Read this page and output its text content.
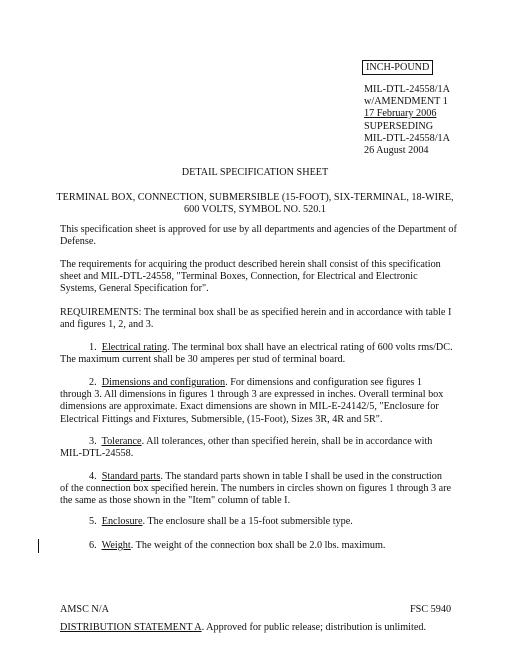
INCH-POUND
MIL-DTL-24558/1A
w/AMENDMENT 1
17 February 2006
SUPERSEDING
MIL-DTL-24558/1A
26 August 2004
DETAIL SPECIFICATION SHEET
TERMINAL BOX, CONNECTION, SUBMERSIBLE (15-FOOT), SIX-TERMINAL, 18-WIRE,
600 VOLTS, SYMBOL NO. 520.1
This specification sheet is approved for use by all departments and agencies of the Department of
Defense.
The requirements for acquiring the product described herein shall consist of this specification
sheet and MIL-DTL-24558, "Terminal Boxes, Connection, for Electrical and Electronic
Systems, General Specification for".
REQUIREMENTS: The terminal box shall be as specified herein and in accordance with table I
and figures 1, 2, and 3.
1. Electrical rating. The terminal box shall have an electrical rating of 600 volts rms/DC.
The maximum current shall be 30 amperes per stud of terminal board.
2. Dimensions and configuration. For dimensions and configuration see figures 1
through 3. All dimensions in figures 1 through 3 are expressed in inches. Overall terminal box
dimensions are approximate. Exact dimensions are shown in MIL-E-24142/5, "Enclosure for
Electrical Fittings and Fixtures, Submersible, (15-Foot), Sizes 3R, 4R and 5R".
3. Tolerance. All tolerances, other than specified herein, shall be in accordance with
MIL-DTL-24558.
4. Standard parts. The standard parts shown in table I shall be used in the construction
of the connection box specified herein. The numbers in circles shown on figures 1 through 3 are
the same as those shown in the "Item" column of table I.
5. Enclosure. The enclosure shall be a 15-foot submersible type.
6. Weight. The weight of the connection box shall be 2.0 lbs. maximum.
AMSC N/A	FSC 5940
DISTRIBUTION STATEMENT A. Approved for public release; distribution is unlimited.
